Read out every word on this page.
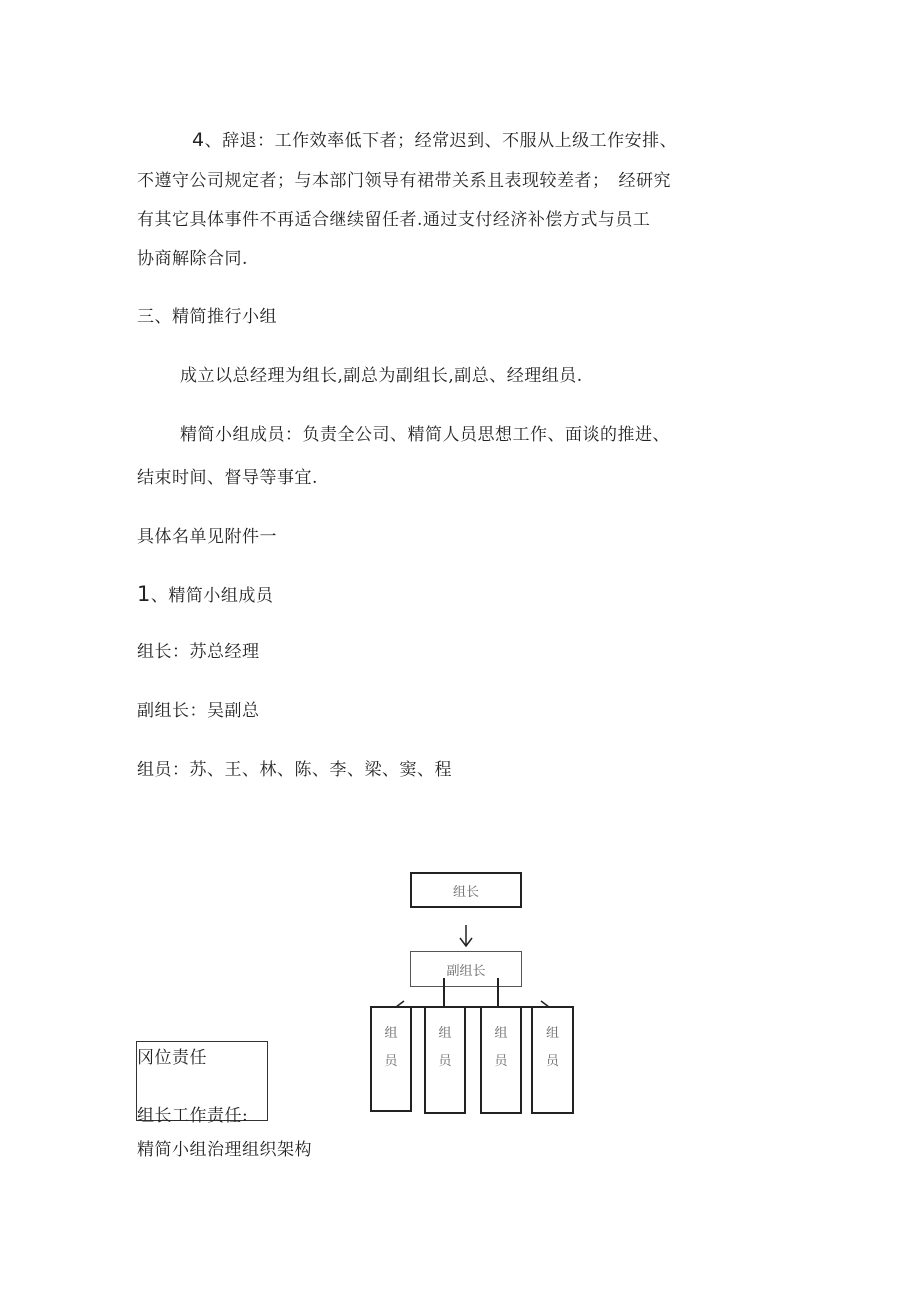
4、辞退：工作效率低下者；经常迟到、不服从上级工作安排、
不遵守公司规定者；与本部门领导有裙带关系且表现较差者；　经研究
有其它具体事件不再适合继续留任者.通过支付经济补偿方式与员工
协商解除合同.
三、精简推行小组
成立以总经理为组长,副总为副组长,副总、经理组员.
精简小组成员：负责全公司、精简人员思想工作、面谈的推进、
结束时间、督导等事宜.
具体名单见附件一
1、精简小组成员
组长：苏总经理
副组长：吴副总
组员：苏、王、林、陈、李、梁、窦、程
组长
副组长
组
员
组
员
组
员
组
员
冈位责任
组长工作责任:
精简小组治理组织架构
